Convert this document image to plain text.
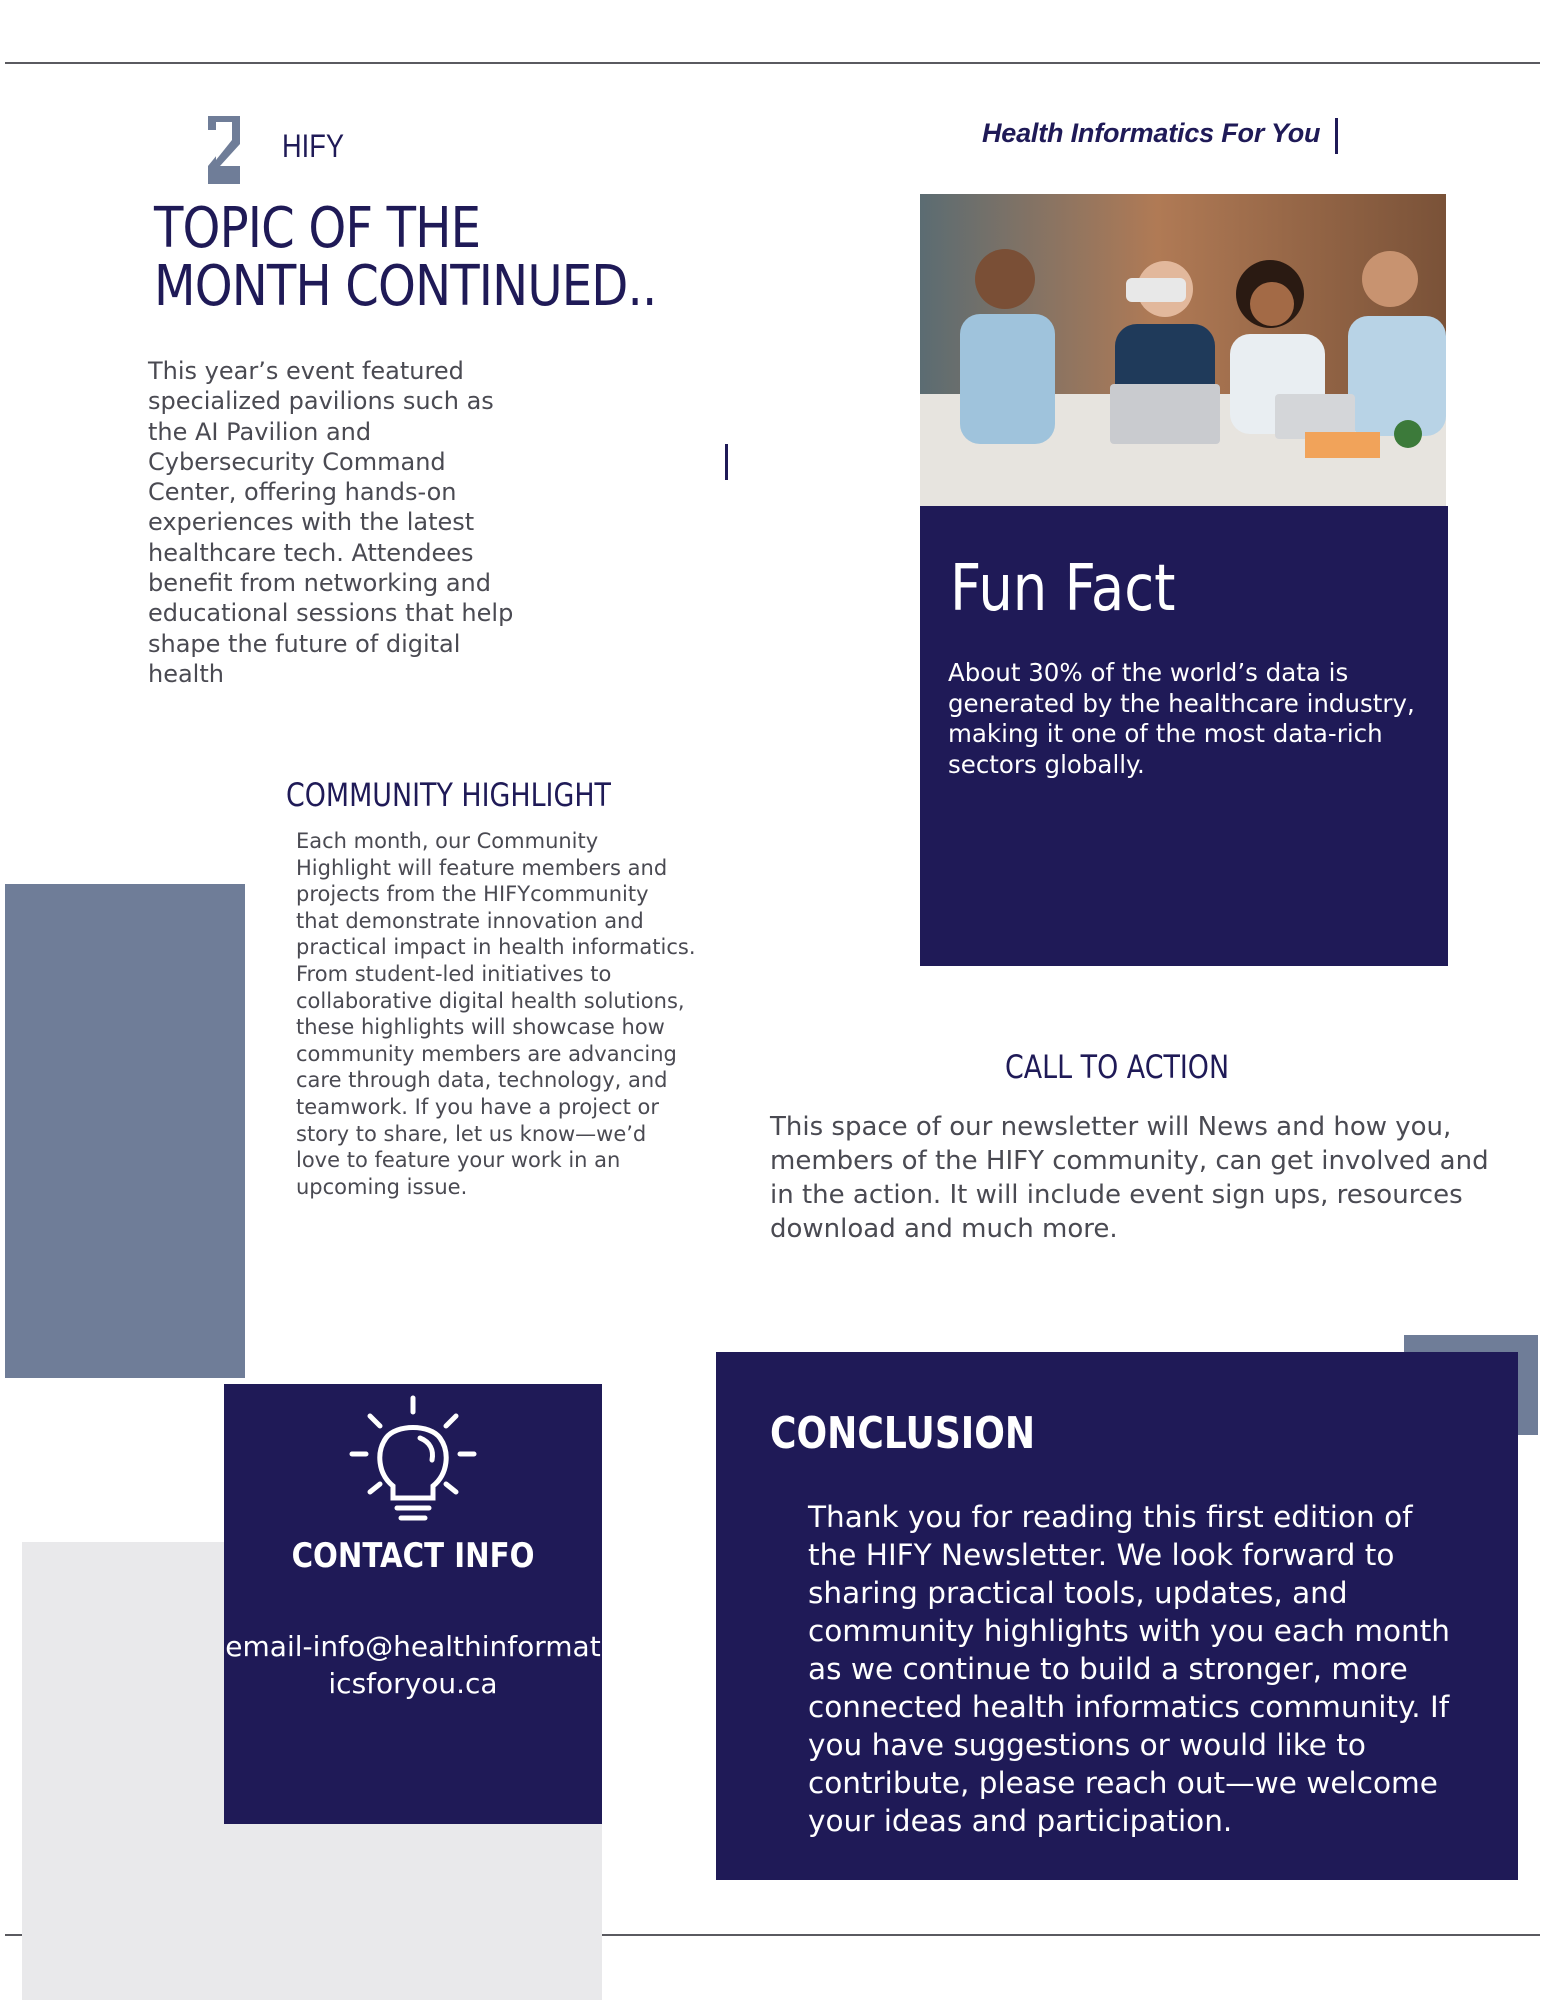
HIFY	Health Informatics For You
TOPIC OF THE MONTH CONTINUED..
This year’s event featured specialized pavilions such as the AI Pavilion and Cybersecurity Command Center, offering hands-on experiences with the latest healthcare tech. Attendees benefit from networking and educational sessions that help shape the future of digital health
Fun Fact
About 30% of the world’s data is generated by the healthcare industry, making it one of the most data-rich sectors globally.
COMMUNITY HIGHLIGHT
Each month, our Community Highlight will feature members and projects from the HIFYcommunity that demonstrate innovation and practical impact in health informatics. From student-led initiatives to collaborative digital health solutions, these highlights will showcase how community members are advancing care through data, technology, and teamwork. If you have a project or story to share, let us know—we’d love to feature your work in an upcoming issue.
CALL TO ACTION
This space of our newsletter will News and how you, members of the HIFY community, can get involved and in the action. It will include event sign ups, resources download and much more.
CONTACT INFO
email-info@healthinformaticsforyou.ca
CONCLUSION
Thank you for reading this first edition of the HIFY Newsletter. We look forward to sharing practical tools, updates, and community highlights with you each month as we continue to build a stronger, more connected health informatics community. If you have suggestions or would like to contribute, please reach out—we welcome your ideas and participation.
